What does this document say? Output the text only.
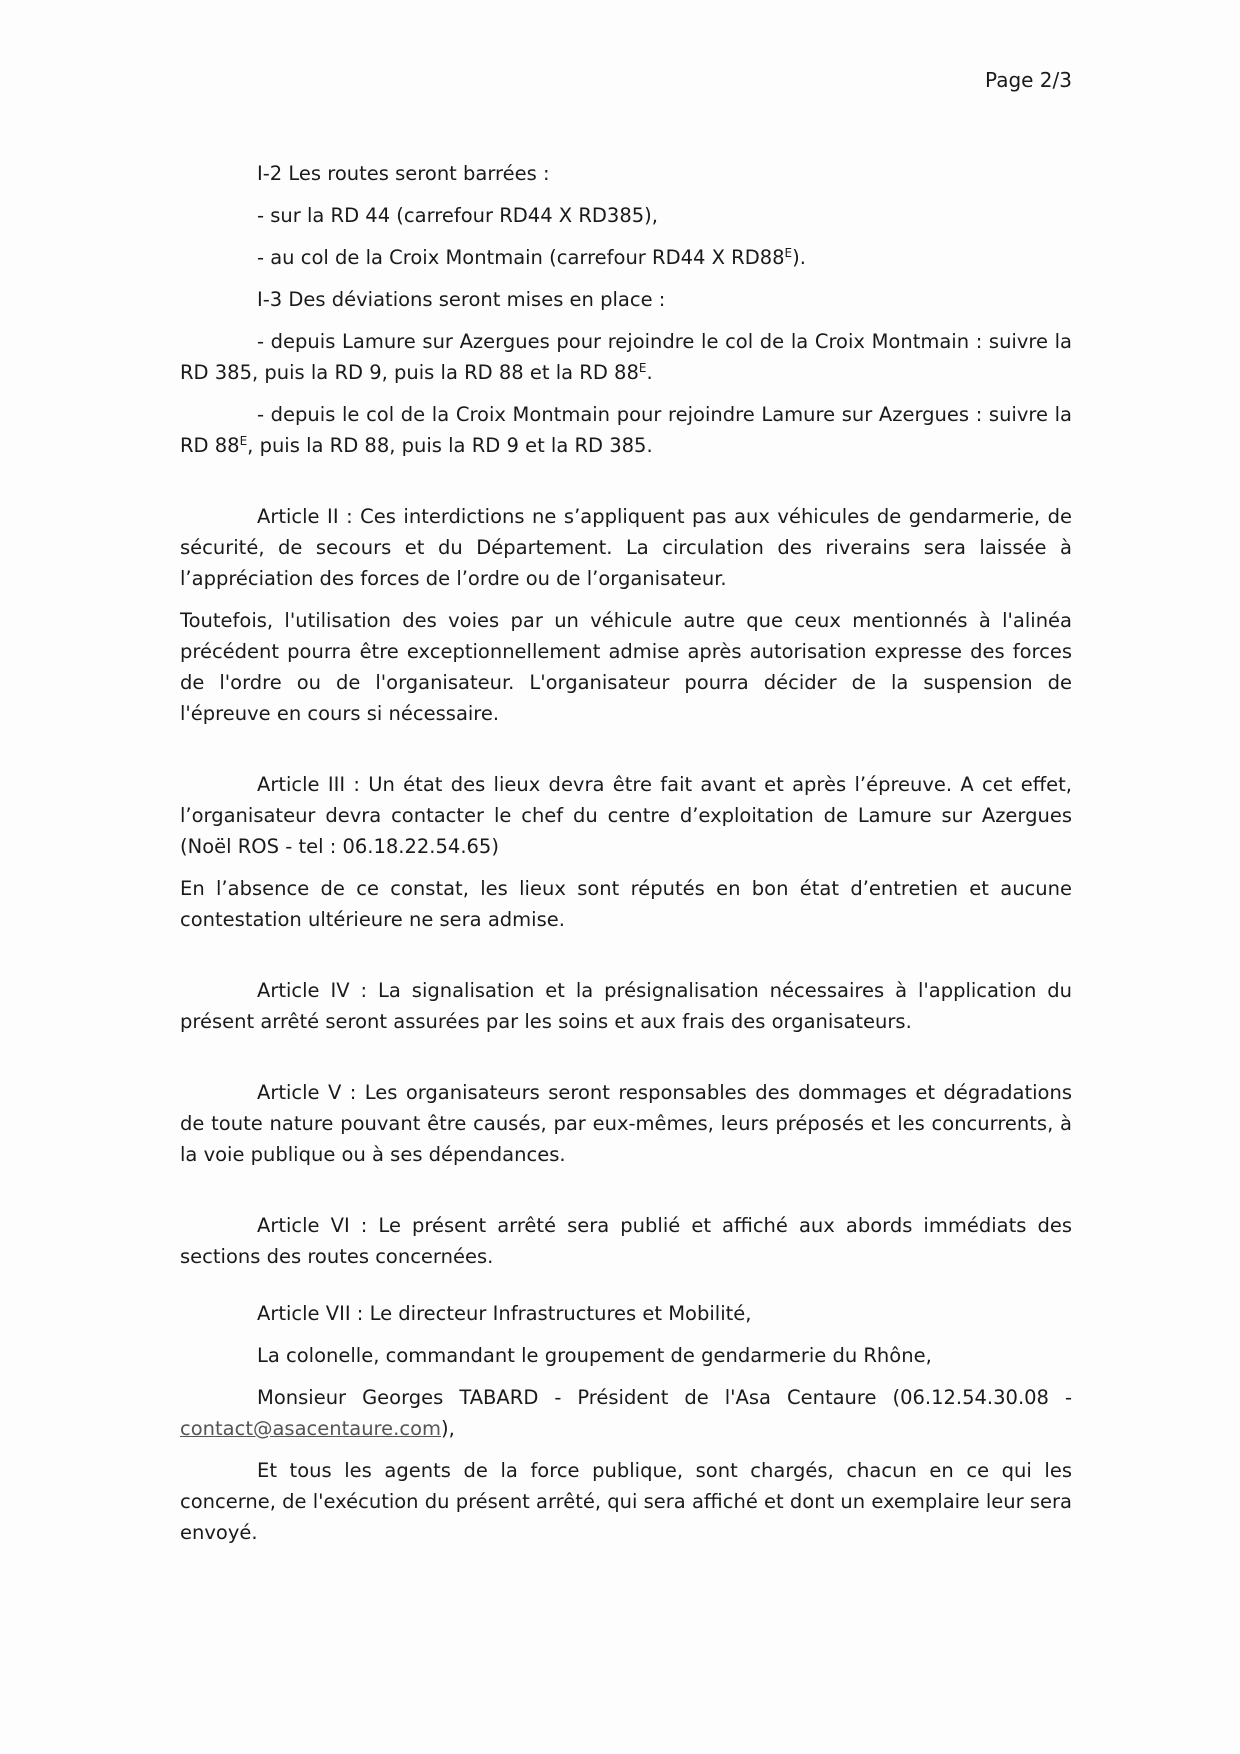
Page 2/3

I-2 Les routes seront barrées :

- sur la RD 44 (carrefour RD44 X RD385),

- au col de la Croix Montmain (carrefour RD44 X $RD88^E$).

I-3 Des déviations seront mises en place :

- depuis Lamure sur Azergues pour rejoindre le col de la Croix Montmain : suivre la RD 385, puis la RD 9, puis la RD 88 et la RD $88^E$.

- depuis le col de la Croix Montmain pour rejoindre Lamure sur Azergues : suivre la RD $88^E$, puis la RD 88, puis la RD 9 et la RD 385.

Article II : Ces interdictions ne s’appliquent pas aux véhicules de gendarmerie, de sécurité, de secours et du Département. La circulation des riverains sera laissée à l’appréciation des forces de l’ordre ou de l’organisateur.

Toutefois, l'utilisation des voies par un véhicule autre que ceux mentionnés à l'alinéa précédent pourra être exceptionnellement admise après autorisation expresse des forces de l'ordre ou de l'organisateur. L'organisateur pourra décider de la suspension de l'épreuve en cours si nécessaire.

Article III : Un état des lieux devra être fait avant et après l’épreuve. A cet effet, l’organisateur devra contacter le chef du centre d’exploitation de Lamure sur Azergues (Noël ROS - tel : 06.18.22.54.65)

En l’absence de ce constat, les lieux sont réputés en bon état d’entretien et aucune contestation ultérieure ne sera admise.

Article IV : La signalisation et la présignalisation nécessaires à l'application du présent arrêté seront assurées par les soins et aux frais des organisateurs.

Article V : Les organisateurs seront responsables des dommages et dégradations de toute nature pouvant être causés, par eux-mêmes, leurs préposés et les concurrents, à la voie publique ou à ses dépendances.

Article VI : Le présent arrêté sera publié et affiché aux abords immédiats des sections des routes concernées.

Article VII : Le directeur Infrastructures et Mobilité,

La colonelle, commandant le groupement de gendarmerie du Rhône,

Monsieur Georges TABARD - Président de l'Asa Centaure (06.12.54.30.08 - contact@asacentaure.com),

Et tous les agents de la force publique, sont chargés, chacun en ce qui les concerne, de l'exécution du présent arrêté, qui sera affiché et dont un exemplaire leur sera envoyé.
